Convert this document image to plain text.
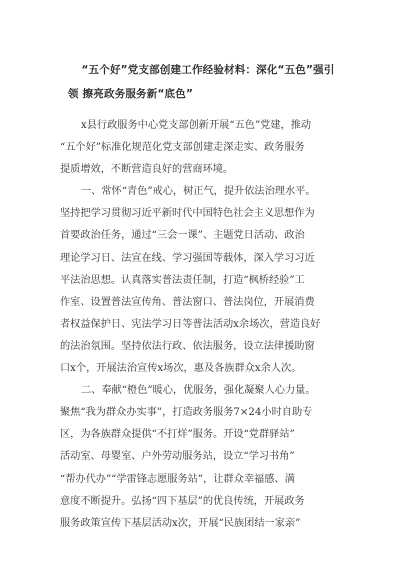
“五个好”党支部创建工作经验材料：深化“五色”强引
领 擦亮政务服务新“底色”

x县行政服务中心党支部创新开展“五色”党建，推动
“五个好”标准化规范化党支部创建走深走实、政务服务
提质增效，不断营造良好的营商环境。

一、常怀“青色”戒心，树正气，提升依法治理水平。
坚持把学习贯彻习近平新时代中国特色社会主义思想作为
首要政治任务，通过“三会一课”、主题党日活动、政治
理论学习日、法宣在线、学习强国等载体，深入学习习近
平法治思想。认真落实普法责任制，打造“枫桥经验”工
作室、设置普法宣传角、普法窗口、普法岗位，开展消费
者权益保护日、宪法学习日等普法活动x余场次，营造良好
的法治氛围。坚持依法行政、依法服务，设立法律援助窗
口x个，开展法治宣传x场次，惠及各族群众x余人次。

二、奉献“橙色”暖心，优服务，强化凝聚人心力量。
聚焦“我为群众办实事”，打造政务服务7×24小时自助专
区，为各族群众提供“不打烊”服务。开设“党群驿站”
活动室、母婴室、户外劳动服务站，设立“学习书角”
“帮办代办”“学雷锋志愿服务站”，让群众幸福感、满
意度不断提升。弘扬“四下基层”的优良传统，开展政务
服务政策宣传下基层活动x次，开展“民族团结一家亲”
